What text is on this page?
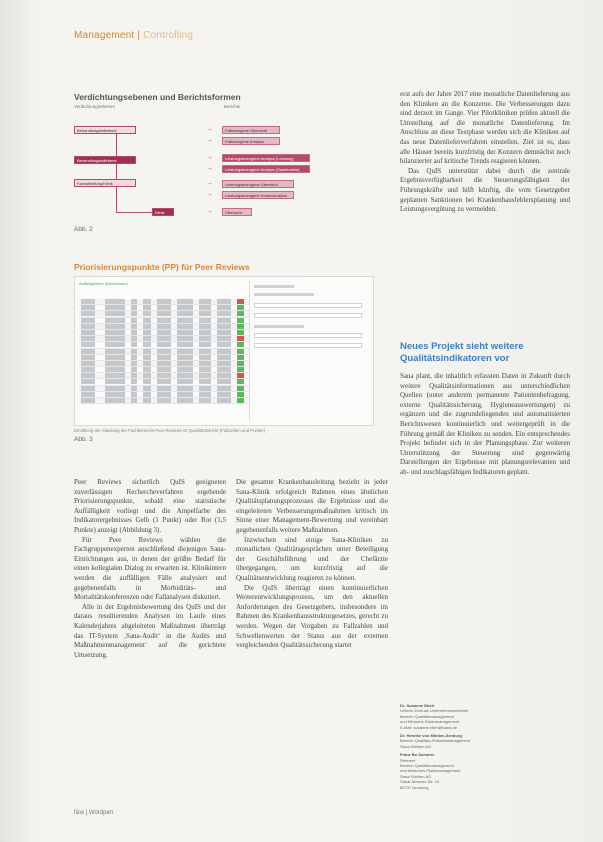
Management | Controlling
Verdichtungsebenen und Berichtsformen
Verdichtungsebenen	Berichte
Behandlungsfallebene
Behandlungsfallebene
Fachabteilung/Klinik
Klinik
→
→
→
→
→
→
→
Fallbezogene Übersicht
Fallbezogene Analyse
Leistungsbezogene Analyse (Leistung)
Leistungsbezogene Analyse (Sachkosten)
Leistungsbezogene Übersicht
Leistungsbezogene Kostenanalyse
Übersicht
Abb. 2
Priorisierungspunkte (PP) für Peer Reviews
Auffälligkeiten (Benchmark)
Ermittlung der Abteilung der Fachbereichs Peer Reviews im Qualitätsbericht (Fallzahlen und Punkte)
Abb. 3

erst aufs der Jahre 2017 eine monatliche Datenlieferung aus den Kliniken an die Konzerne. Die Verbesserungen dazu sind derzeit im Gange. Vier Pilotkliniken prüfen aktuell die Umstellung auf die monatliche Datenlieferung. Im Anschluss an diese Testphase werden sich die Kliniken auf das neue Datenlieferverfahren einstellen. Ziel ist es, dass alle Häuser bereits kurzfristig der Konzern demnächst noch bilanzierter auf kritische Trends reagieren können.

Das QuIS unterstützt dabei durch die zentrale Ergebnisverfügbarkeit die Steuerungsfähigkeit der Führungskräfte und hilft künftig, die vom Gesetzgeber geplanten Sanktionen bei Krankenhausfehlersplanung und Leistungsvergütung zu vermeiden.

Neues Projekt sieht weitere Qualitätsindikatoren vor

Sana plant, die inhaltlich erfassten Daten in Zukunft durch weitere Qualitätsinformationen aus unterschiedlichen Quellen (unter anderem permanente Patientenbefragung, externe Qualitätssicherung, Hygieneauswertungen) zu ergänzen und die zugrundeliegenden und automatisierten Berichtswesen kontinuierlich und weitergeprüft in die Führung gemäß der Kliniken zu senden. Ein entsprechendes Projekt befindet sich in der Planungsphase. Zur weiteren Unterstützung der Steuerung sind gegenwärtig Darstellungen der Ergebnisse mit planungsrelevanten und ab- und zuschlagsfähigen Indikatoren geplant.

Peer Reviews sicherlich QuIS geeigneten zuverlässigen Rechercheverfahren ergebende Priorisierungspunkte, sobald eine statistische Auffälligkeit vorliegt und die Ampelfarbe des Indikatorergebnisses Gelb (1 Punkt) oder Rot (1,5 Punkte) anzeigt (Abbildung 3).

Für Peer Reviews wählen die Fachgruppenexperten anschließend diejenigen Sana-Einrichtungen aus, in denen der größte Bedarf für einen kollegialen Dialog zu erwarten ist. Klinikintern werden die auffälligen Fälle analysiert und gegebenenfalls in Morbiditäts- und Mortalitätskonferenzen oder Fallanalysen diskutiert.

Alle in der Ergebnisbewertung des QuIS und der daraus resultierenden Analysen im Laufe eines Kalenderjahres abgeleiteten Maßnahmen überträgt das IT-System ‚Sana-Audit‘ in die Audits und Maßnahmenmanagement‘ auf die gerichtete Umsetzung.

Die gesamte Krankenhausleitung bezieht in jeder Sana-Klinik erfolgreich Rahmen eines ähnlichen Qualitätsplanungsprozesses die Ergebnisse und die eingeleiteten Verbesserungsmaßnahmen kritisch im Sinne einer Management-Bewertung und vereinbart gegebenenfalls weitere Maßnahmen.

Inzwischen sind einige Sana-Kliniken zu monatlichen Qualitätsgesprächen unter Beteiligung der Geschäftsführung und der Chefärzte übergegangen, um kurzfristig auf die Qualitätsentwicklung reagieren zu können.

Die QuIS überträgt einen kontinuierlichen Weiterentwicklungsprozess, um den aktuellen Anforderungen des Gesetzgebers, insbesondere im Rahmen des Krankenhausstrukturgesetzes, gerecht zu werden. Wegen der Vorgaben zu Fallzahlen und Schwellenwerten der Status aus der externen vergleichenden Qualitätssicherung startet

Dr. Susanne Eberl
Leiterin Zentrale Unternehmenseinheit
Bereich Qualitätsmanagement
und Klinische Risikomanagement
E-Mail: susanne.eberl@sana.de
Dr. Henrike von Minden-Seeburg
Bereich Qualitäts-/Fallzahlmanagement
Sana Kliniken AG
Franz Bo Sommer
Referent
Bereich Qualitätsmanagement
und klinisches Risikomanagement
Sana Kliniken AG
Oskar-Messter-Str. 24
85737 Ismaning
f&w | Wordpen
